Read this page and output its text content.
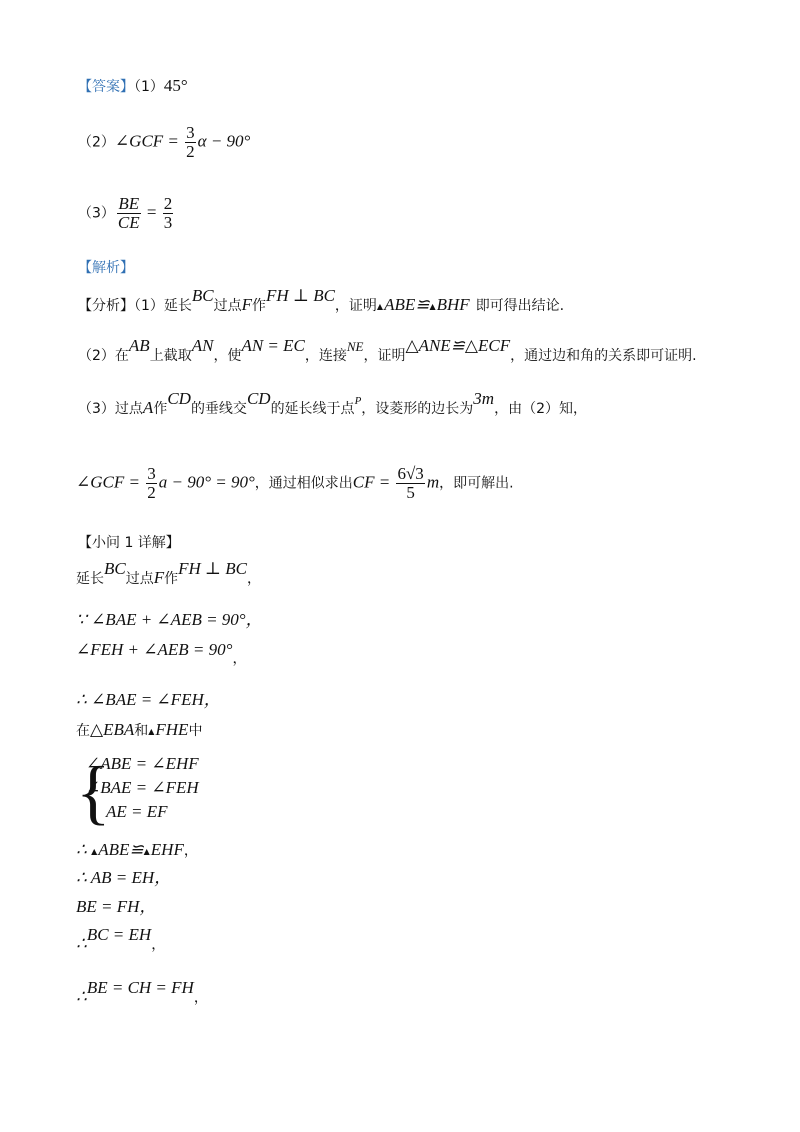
【答案】（1）45°
（2）∠GCF = $\frac{3}{2}$ α − 90°
$(3) \frac{BE}{CE} = \frac{2}{3}$
【解析】
【分析】（1）延长BC过点F作FH ⊥ BC，证明▲ABE≌▲BHF 即可得出结论.
（2）在AB上截取AN，使AN = EC，连接NE，证明△ANE≌△ECF，通过边和角的关系即可证明.
（3）过点A作CD的垂线交CD的延长线于点$^P$，设菱形的边长为3m，由（2）知，
∠GCF = $\frac{3}{2}$ a − 90° = 90°，通过相似求出CF = $\frac{6√3}{5}$ m，即可解出.
【小问 1 详解】
延长BC过点F作FH ⊥ BC，
∵ ∠BAE + ∠AEB = 90°，
∠FEH + ∠AEB = 90°，
∴ ∠BAE = ∠FEH，
在△EBA和▲FHE中
{
∠ABE = ∠EHF
∠BAE = ∠FEH
AE = EF
∴ ▲ABE≌▲EHF，
∴ AB = EH，
BE = FH，
∴BC = EH，
∴BE = CH = FH，
